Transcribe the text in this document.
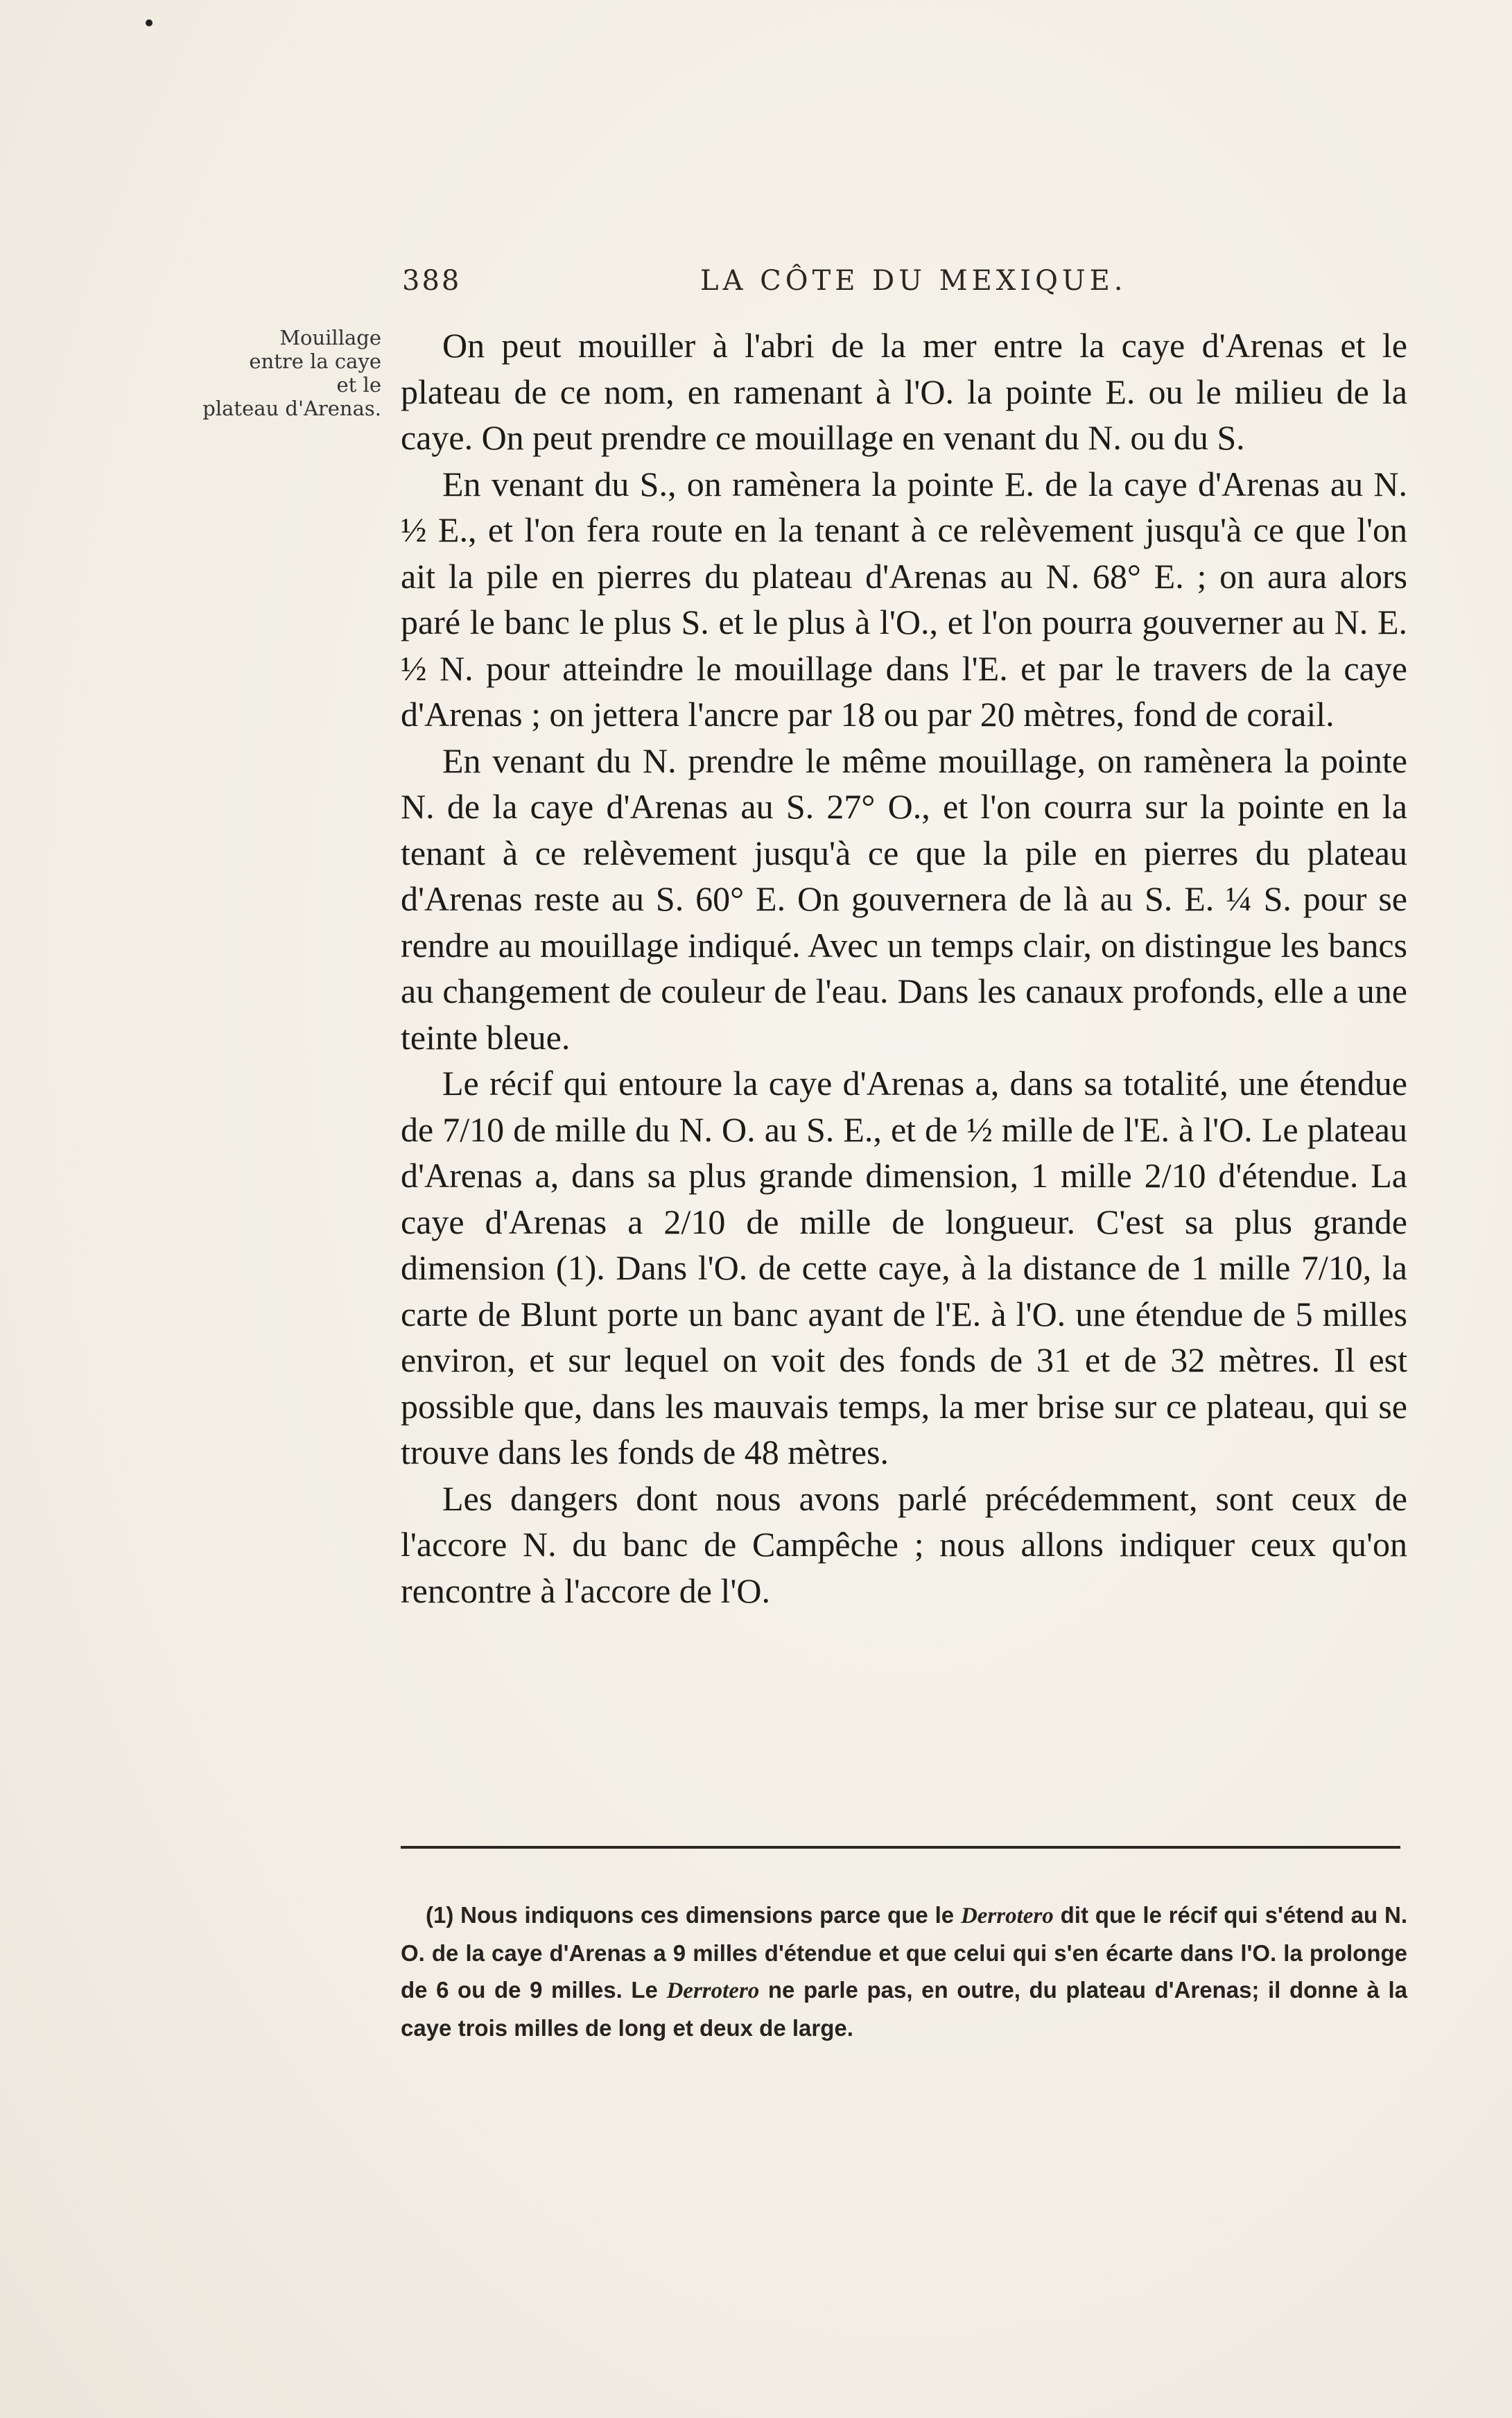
388	LA CÔTE DU MEXIQUE.
Mouillage
entre la caye
et le
plateau d'Arenas.

On peut mouiller à l'abri de la mer entre la caye d'Arenas et le plateau de ce nom, en ramenant à l'O. la pointe E. ou le milieu de la caye. On peut prendre ce mouillage en venant du N. ou du S.

En venant du S., on ramènera la pointe E. de la caye d'Arenas au N. ½ E., et l'on fera route en la tenant à ce relèvement jusqu'à ce que l'on ait la pile en pierres du plateau d'Arenas au N. 68° E. ; on aura alors paré le banc le plus S. et le plus à l'O., et l'on pourra gouverner au N. E. ½ N. pour atteindre le mouillage dans l'E. et par le travers de la caye d'Arenas ; on jettera l'ancre par 18 ou par 20 mètres, fond de corail.

En venant du N. prendre le même mouillage, on ramènera la pointe N. de la caye d'Arenas au S. 27° O., et l'on courra sur la pointe en la tenant à ce relèvement jusqu'à ce que la pile en pierres du plateau d'Arenas reste au S. 60° E. On gouvernera de là au S. E. ¼ S. pour se rendre au mouillage indiqué. Avec un temps clair, on distingue les bancs au changement de couleur de l'eau. Dans les canaux profonds, elle a une teinte bleue.

Le récif qui entoure la caye d'Arenas a, dans sa totalité, une étendue de 7/10 de mille du N. O. au S. E., et de ½ mille de l'E. à l'O. Le plateau d'Arenas a, dans sa plus grande dimension, 1 mille 2/10 d'étendue. La caye d'Arenas a 2/10 de mille de longueur. C'est sa plus grande dimension (1). Dans l'O. de cette caye, à la distance de 1 mille 7/10, la carte de Blunt porte un banc ayant de l'E. à l'O. une étendue de 5 milles environ, et sur lequel on voit des fonds de 31 et de 32 mètres. Il est possible que, dans les mauvais temps, la mer brise sur ce plateau, qui se trouve dans les fonds de 48 mètres.

Les dangers dont nous avons parlé précédemment, sont ceux de l'accore N. du banc de Campêche ; nous allons indiquer ceux qu'on rencontre à l'accore de l'O.

(1) Nous indiquons ces dimensions parce que le Derrotero dit que le récif qui s'étend au N. O. de la caye d'Arenas a 9 milles d'étendue et que celui qui s'en écarte dans l'O. la prolonge de 6 ou de 9 milles. Le Derrotero ne parle pas, en outre, du plateau d'Arenas; il donne à la caye trois milles de long et deux de large.
